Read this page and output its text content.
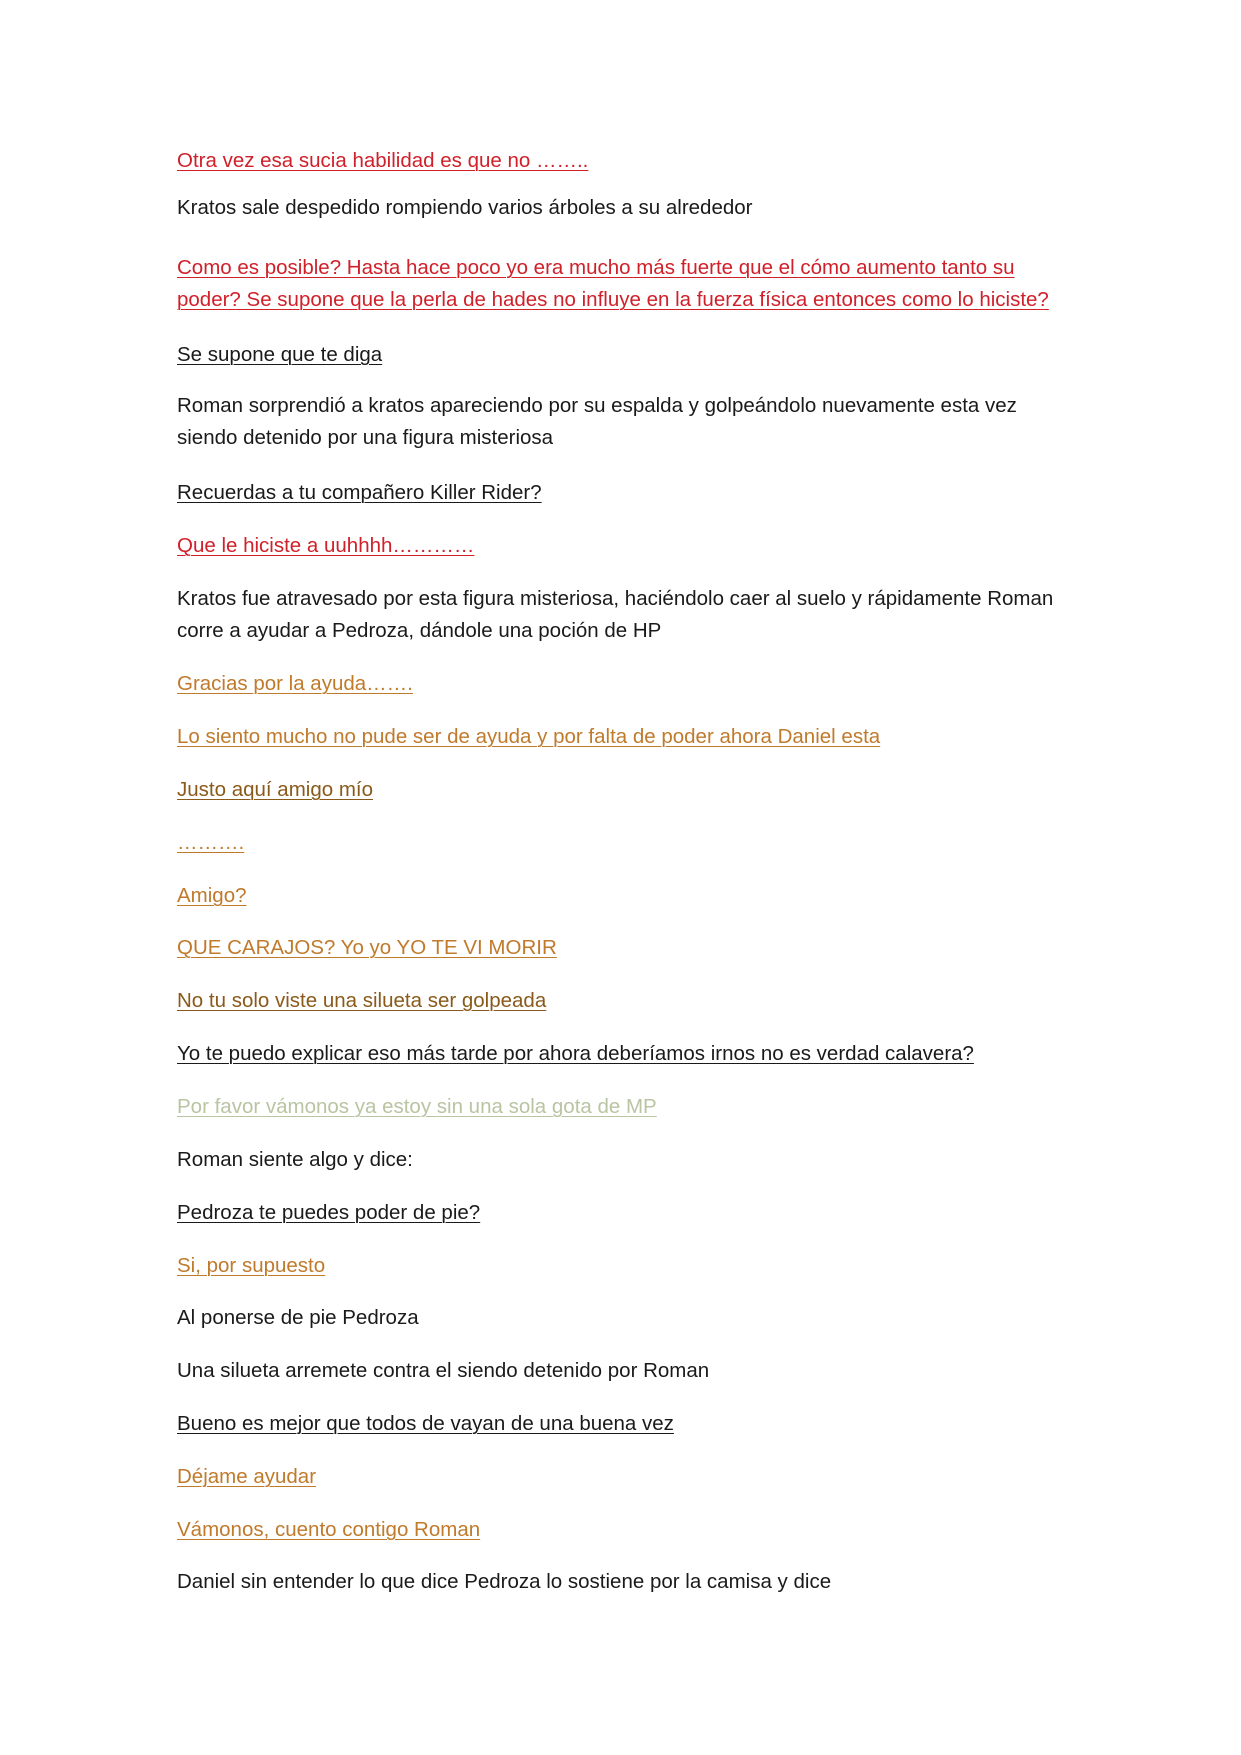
Otra vez esa sucia habilidad es que no ……..

Kratos sale despedido rompiendo varios árboles a su alrededor

Como es posible? Hasta hace poco yo era mucho más fuerte que el cómo aumento tanto su poder? Se supone que la perla de hades no influye en la fuerza física entonces como lo hiciste?

Se supone que te diga

Roman sorprendió a kratos apareciendo por su espalda y golpeándolo nuevamente esta vez siendo detenido por una figura misteriosa

Recuerdas a tu compañero Killer Rider?

Que le hiciste a uuhhhh…………

Kratos fue atravesado por esta figura misteriosa, haciéndolo caer al suelo y rápidamente Roman corre a ayudar a Pedroza, dándole una poción de HP

Gracias por la ayuda…….

Lo siento mucho no pude ser de ayuda y por falta de poder ahora Daniel esta

Justo aquí amigo mío

……….

Amigo?

QUE CARAJOS? Yo yo YO TE VI MORIR

No tu solo viste una silueta ser golpeada

Yo te puedo explicar eso más tarde por ahora deberíamos irnos no es verdad calavera?

Por favor vámonos ya estoy sin una sola gota de MP

Roman siente algo y dice:

Pedroza te puedes poder de pie?

Si, por supuesto

Al ponerse de pie Pedroza

Una silueta arremete contra el siendo detenido por Roman

Bueno es mejor que todos de vayan de una buena vez

Déjame ayudar

Vámonos, cuento contigo Roman

Daniel sin entender lo que dice Pedroza lo sostiene por la camisa y dice
